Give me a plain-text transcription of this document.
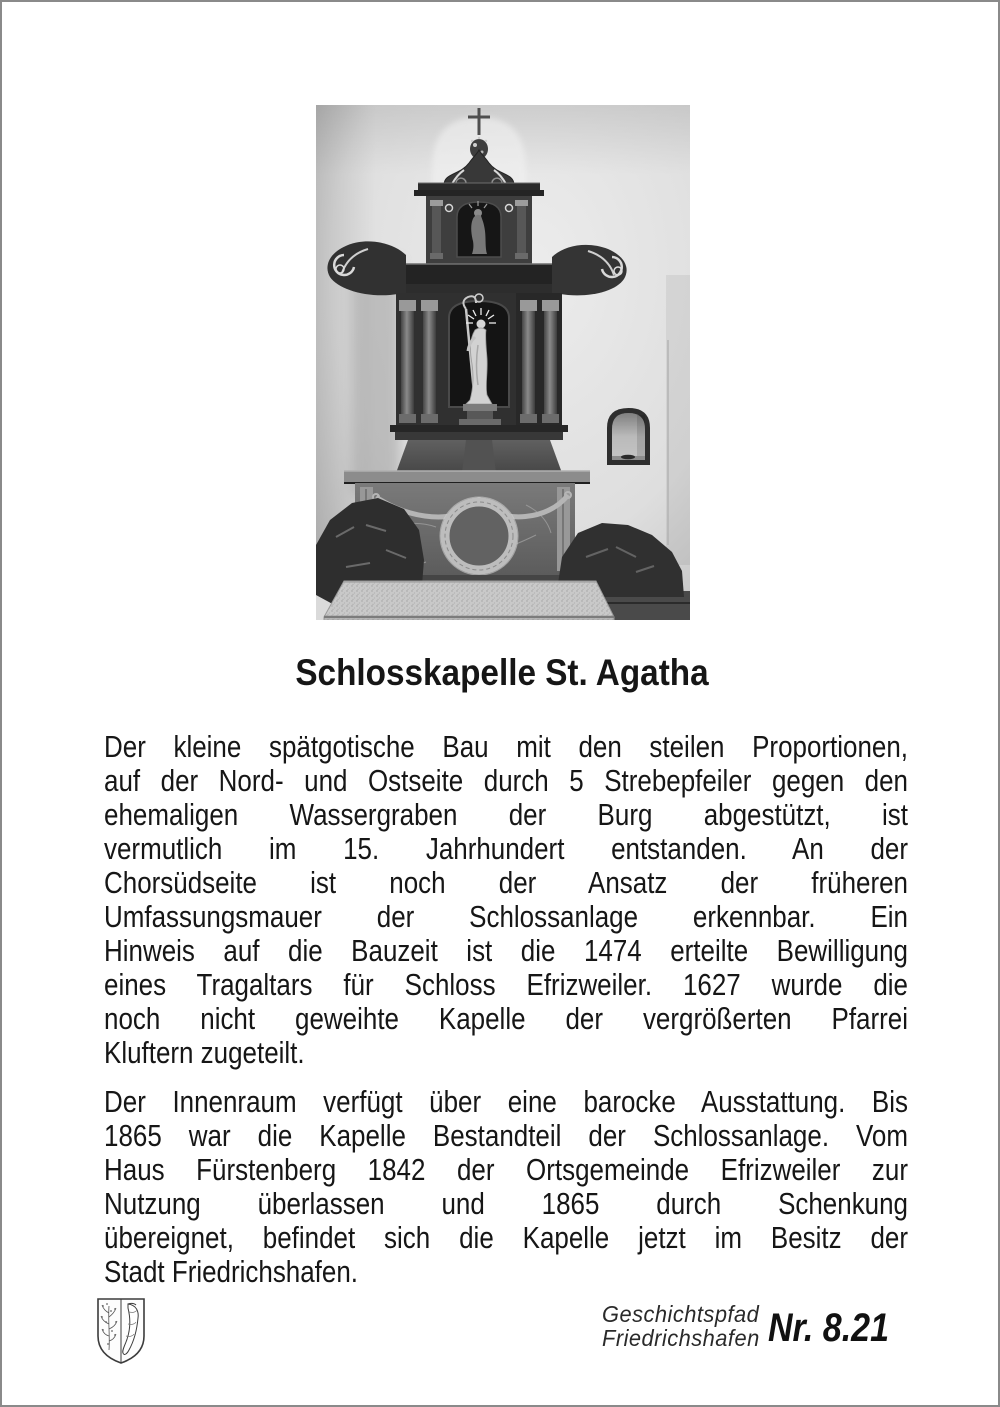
Schlosskapelle St. Agatha
Der kleine spätgotische Bau mit den steilen Proportionen,
auf der Nord- und Ostseite durch 5 Strebepfeiler gegen den
ehemaligen Wassergraben der Burg abgestützt, ist
vermutlich im 15. Jahrhundert entstanden. An der
Chorsüdseite ist noch der Ansatz der früheren
Umfassungsmauer der Schlossanlage erkennbar. Ein
Hinweis auf die Bauzeit ist die 1474 erteilte Bewilligung
eines Tragaltars für Schloss Efrizweiler. 1627 wurde die
noch nicht geweihte Kapelle der vergrößerten Pfarrei
Kluftern zugeteilt.
Der Innenraum verfügt über eine barocke Ausstattung. Bis
1865 war die Kapelle Bestandteil der Schlossanlage. Vom
Haus Fürstenberg 1842 der Ortsgemeinde Efrizweiler zur
Nutzung überlassen und 1865 durch Schenkung
übereignet, befindet sich die Kapelle jetzt im Besitz der
Stadt Friedrichshafen.
Geschichtspfad
Friedrichshafen Nr. 8.21
